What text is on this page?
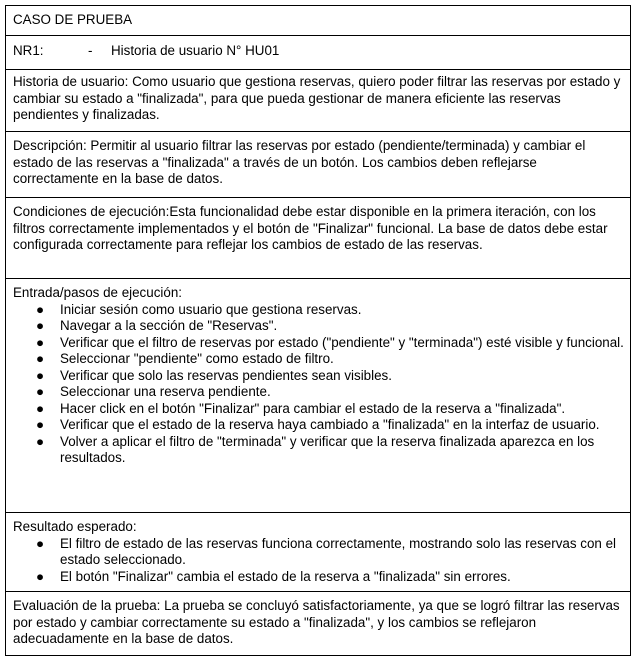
CASO DE PRUEBA

NR1:	-	Historia de usuario N° HU01

Historia de usuario: Como usuario que gestiona reservas, quiero poder filtrar las reservas por estado y cambiar su estado a "finalizada", para que pueda gestionar de manera eficiente las reservas pendientes y finalizadas.

Descripción: Permitir al usuario filtrar las reservas por estado (pendiente/terminada) y cambiar el estado de las reservas a "finalizada" a través de un botón. Los cambios deben reflejarse correctamente en la base de datos.

Condiciones de ejecución:Esta funcionalidad debe estar disponible en la primera iteración, con los filtros correctamente implementados y el botón de "Finalizar" funcional. La base de datos debe estar configurada correctamente para reflejar los cambios de estado de las reservas.

Entrada/pasos de ejecución:

● Iniciar sesión como usuario que gestiona reservas.
● Navegar a la sección de "Reservas".
● Verificar que el filtro de reservas por estado ("pendiente" y "terminada") esté visible y funcional.
● Seleccionar "pendiente" como estado de filtro.
● Verificar que solo las reservas pendientes sean visibles.
● Seleccionar una reserva pendiente.
● Hacer click en el botón "Finalizar" para cambiar el estado de la reserva a "finalizada".
● Verificar que el estado de la reserva haya cambiado a "finalizada" en la interfaz de usuario.
● Volver a aplicar el filtro de "terminada" y verificar que la reserva finalizada aparezca en los resultados.

Resultado esperado:

● El filtro de estado de las reservas funciona correctamente, mostrando solo las reservas con el estado seleccionado.
● El botón "Finalizar" cambia el estado de la reserva a "finalizada" sin errores.

Evaluación de la prueba: La prueba se concluyó satisfactoriamente, ya que se logró filtrar las reservas por estado y cambiar correctamente su estado a "finalizada", y los cambios se reflejaron adecuadamente en la base de datos.
